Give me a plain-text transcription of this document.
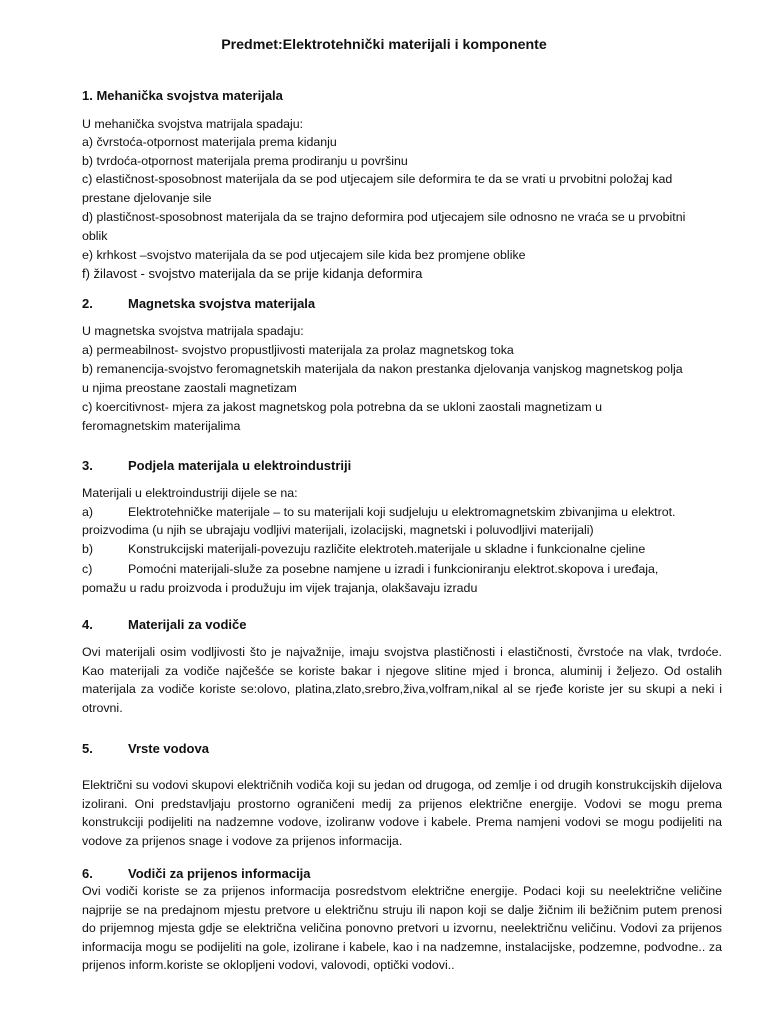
Predmet:Elektrotehnički materijali i komponente
1. Mehanička svojstva materijala
U mehanička svojstva matrijala spadaju:
a) čvrstoća-otpornost materijala prema kidanju
b) tvrdoća-otpornost materijala prema prodiranju u površinu
c) elastičnost-sposobnost materijala da se pod utjecajem sile deformira te da se vrati u prvobitni položaj kad
prestane djelovanje sile
d) plastičnost-sposobnost materijala da se trajno deformira pod utjecajem sile odnosno ne vraća se u prvobitni
oblik
e) krhkost –svojstvo materijala da se pod utjecajem sile kida bez promjene oblike
f) žilavost - svojstvo materijala da se prije kidanja deformira
2.	Magnetska svojstva materijala
U magnetska svojstva matrijala spadaju:
a) permeabilnost- svojstvo propustljivosti materijala za prolaz magnetskog toka
b) remanencija-svojstvo feromagnetskih materijala da nakon prestanka djelovanja vanjskog magnetskog polja
u njima preostane zaostali magnetizam
c) koercitivnost- mjera za jakost magnetskog pola potrebna da se ukloni zaostali magnetizam u
feromagnetskim materijalima
3.	Podjela materijala u elektroindustriji
Materijali u elektroindustriji dijele se na:
a)	Elektrotehničke materijale – to su materijali koji sudjeluju u elektromagnetskim zbivanjima u elektrot.
proizvodima (u njih se ubrajaju vodljivi materijali, izolacijski, magnetski i poluvodljivi materijali)
b)	Konstrukcijski materijali-povezuju različite elektroteh.materijale u skladne i funkcionalne cjeline
c)	Pomoćni materijali-služe za posebne namjene u izradi i funkcioniranju elektrot.skopova i uređaja,
pomažu u radu proizvoda i produžuju im vijek trajanja, olakšavaju izradu
4.	Materijali za vodiče
Ovi materijali osim vodljivosti što je najvažnije, imaju svojstva plastičnosti i elastičnosti, čvrstoće na vlak, tvrdoće. Kao materijali za vodiče najčešće se koriste bakar i njegove slitine mjed i bronca, aluminij i željezo. Od ostalih materijala za vodiče koriste se:olovo, platina,zlato,srebro,živa,volfram,nikal al se rjeđe koriste jer su skupi a neki i otrovni.
5.	Vrste vodova
Električni su vodovi skupovi električnih vodiča koji su jedan od drugoga, od zemlje i od drugih konstrukcijskih dijelova izolirani. Oni predstavljaju prostorno ograničeni medij za prijenos električne energije. Vodovi se mogu prema konstrukciji podijeliti na nadzemne vodove, izoliranw vodove i kabele. Prema namjeni vodovi se mogu podijeliti na vodove za prijenos snage i vodove za prijenos informacija.
6.	Vodiči za prijenos informacija
Ovi vodiči koriste se za prijenos informacija posredstvom električne energije. Podaci koji su neelektrične veličine najprije se na predajnom mjestu pretvore u električnu struju ili napon koji se dalje žičnim ili bežičnim putem prenosi do prijemnog mjesta gdje se električna veličina ponovno pretvori u izvornu, neelektričnu veličinu. Vodovi za prijenos informacija mogu se podijeliti na gole, izolirane i kabele, kao i na nadzemne, instalacijske, podzemne, podvodne.. za prijenos inform.koriste se okloplјeni vodovi, valovodi, optički vodovi..
